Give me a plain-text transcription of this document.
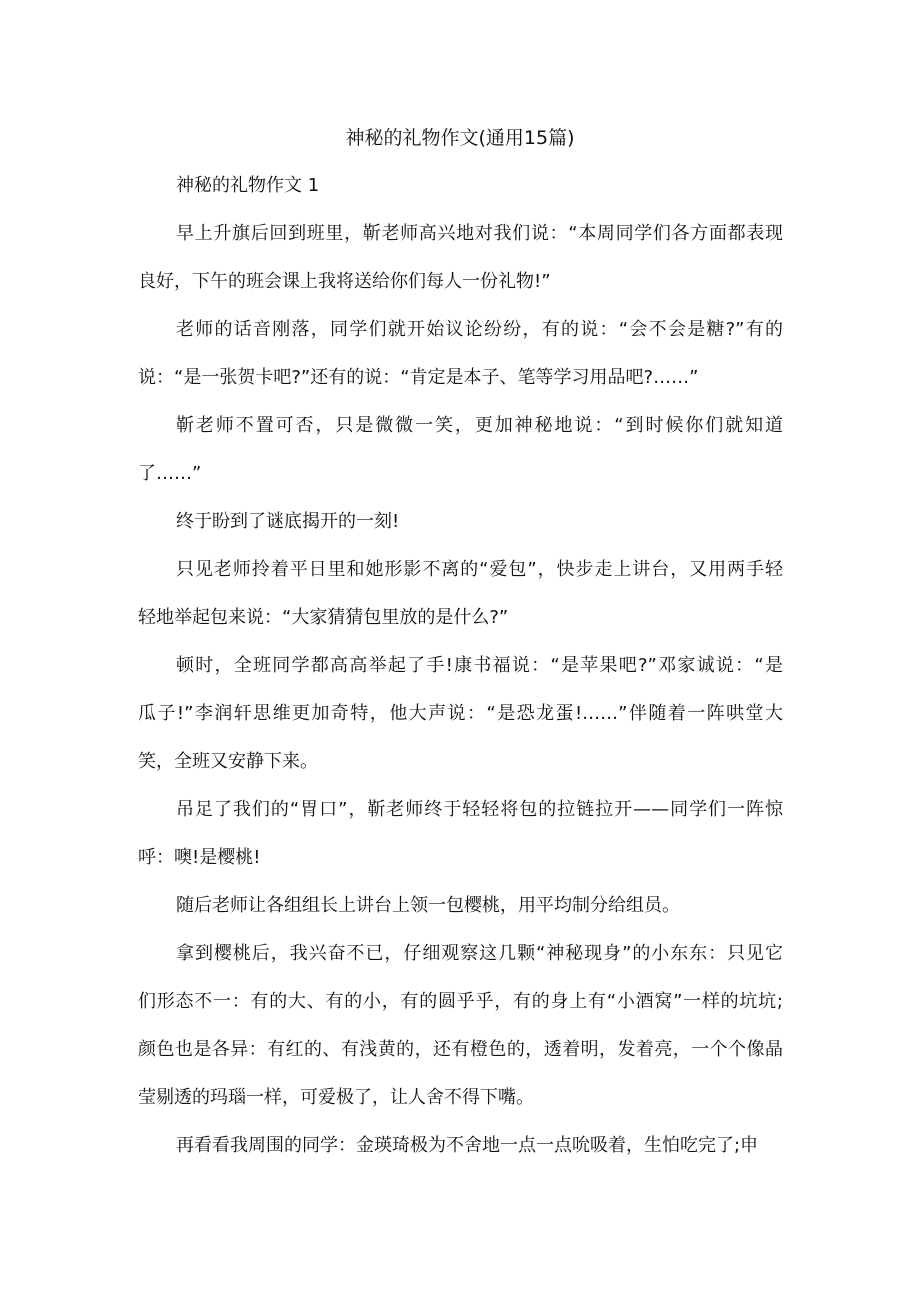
神秘的礼物作文(通用15篇)
神秘的礼物作文 1
早上升旗后回到班里，靳老师高兴地对我们说：“本周同学们各方面都表现
良好，下午的班会课上我将送给你们每人一份礼物!”
老师的话音刚落，同学们就开始议论纷纷，有的说：“会不会是糖?”有的
说：“是一张贺卡吧?”还有的说：“肯定是本子、笔等学习用品吧?……”
靳老师不置可否，只是微微一笑，更加神秘地说：“到时候你们就知道
了……”
终于盼到了谜底揭开的一刻!
只见老师拎着平日里和她形影不离的“爱包”，快步走上讲台，又用两手轻
轻地举起包来说：“大家猜猜包里放的是什么?”
顿时，全班同学都高高举起了手!康书福说：“是苹果吧?”邓家诚说：“是
瓜子!”李润轩思维更加奇特，他大声说：“是恐龙蛋!……”伴随着一阵哄堂大
笑，全班又安静下来。
吊足了我们的“胃口”，靳老师终于轻轻将包的拉链拉开——同学们一阵惊
呼：噢!是樱桃!
随后老师让各组组长上讲台上领一包樱桃，用平均制分给组员。
拿到樱桃后，我兴奋不已，仔细观察这几颗“神秘现身”的小东东：只见它
们形态不一：有的大、有的小，有的圆乎乎，有的身上有“小酒窝”一样的坑坑;
颜色也是各异：有红的、有浅黄的，还有橙色的，透着明，发着亮，一个个像晶
莹剔透的玛瑙一样，可爱极了，让人舍不得下嘴。
再看看我周围的同学：金瑛琦极为不舍地一点一点吮吸着，生怕吃完了;申
